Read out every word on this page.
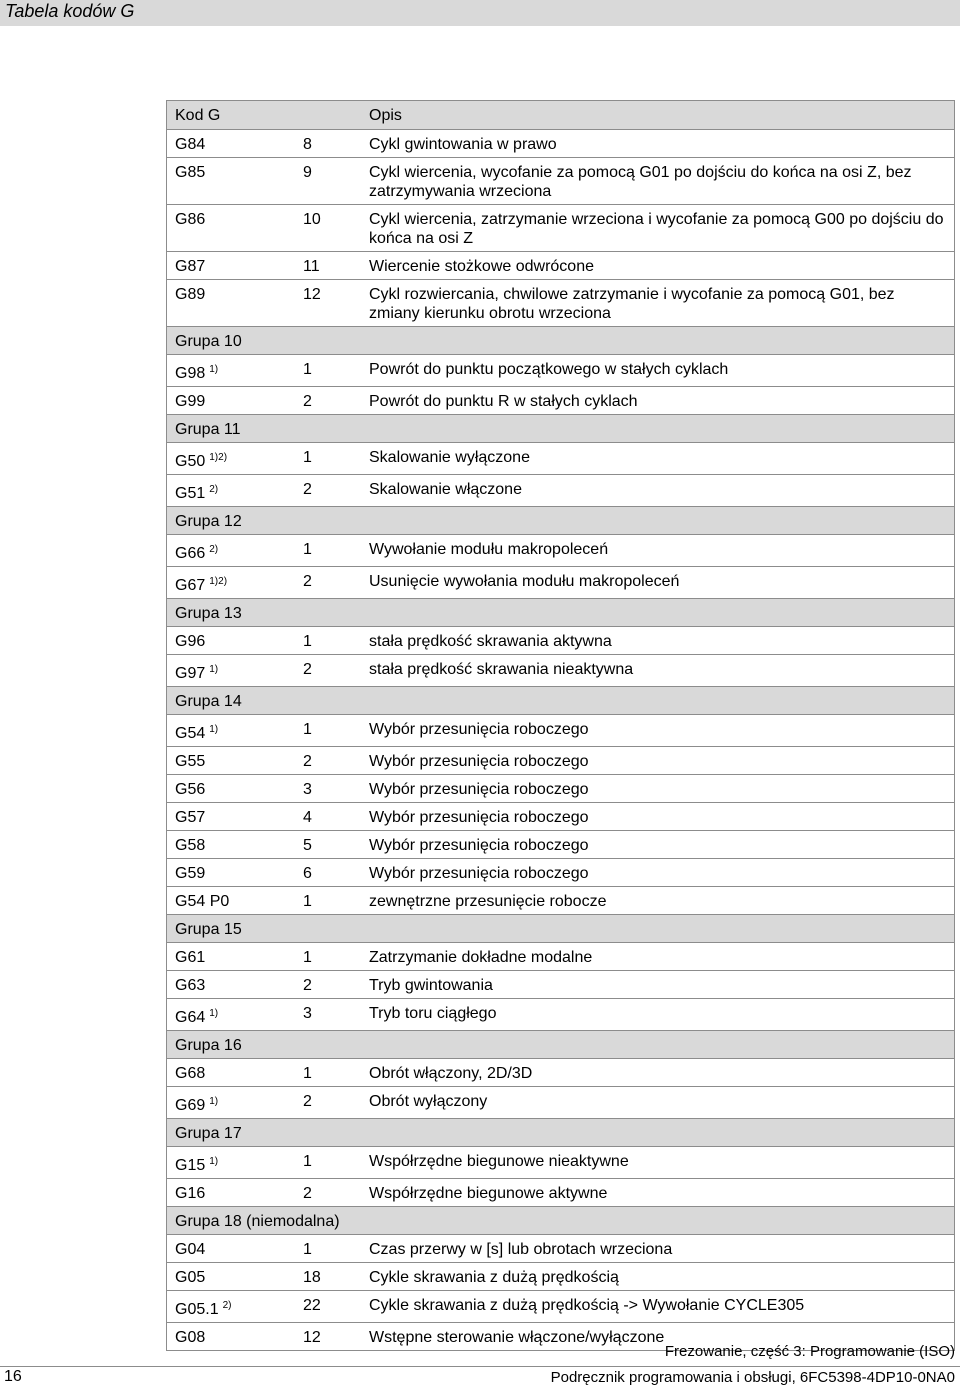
Tabela kodów G
Kod G		Opis
G84	8	Cykl gwintowania w prawo
G85	9	Cykl wiercenia, wycofanie za pomocą G01 po dojściu do końca na osi Z, bez zatrzymywania wrzeciona
G86	10	Cykl wiercenia, zatrzymanie wrzeciona i wycofanie za pomocą G00 po dojściu do końca na osi Z
G87	11	Wiercenie stożkowe odwrócone
G89	12	Cykl rozwiercania, chwilowe zatrzymanie i wycofanie za pomocą G01, bez zmiany kierunku obrotu wrzeciona
Grupa 10		
G98 $^{1)}$	1	Powrót do punktu początkowego w stałych cyklach
G99	2	Powrót do punktu R w stałych cyklach
Grupa 11		
G50 $^{1)2)}$	1	Skalowanie wyłączone
G51 $^{2)}$	2	Skalowanie włączone
Grupa 12		
G66 $^{2)}$	1	Wywołanie modułu makropoleceń
G67 $^{1)2)}$	2	Usunięcie wywołania modułu makropoleceń
Grupa 13		
G96	1	stała prędkość skrawania aktywna
G97 $^{1)}$	2	stała prędkość skrawania nieaktywna
Grupa 14		
G54 $^{1)}$	1	Wybór przesunięcia roboczego
G55	2	Wybór przesunięcia roboczego
G56	3	Wybór przesunięcia roboczego
G57	4	Wybór przesunięcia roboczego
G58	5	Wybór przesunięcia roboczego
G59	6	Wybór przesunięcia roboczego
G54 P0	1	zewnętrzne przesunięcie robocze
Grupa 15		
G61	1	Zatrzymanie dokładne modalne
G63	2	Tryb gwintowania
G64 $^{1)}$	3	Tryb toru ciągłego
Grupa 16		
G68	1	Obrót włączony, 2D/3D
G69 $^{1)}$	2	Obrót wyłączony
Grupa 17		
G15 $^{1)}$	1	Współrzędne biegunowe nieaktywne
G16	2	Współrzędne biegunowe aktywne
Grupa 18 (niemodalna)		
G04	1	Czas przerwy w [s] lub obrotach wrzeciona
G05	18	Cykle skrawania z dużą prędkością
G05.1 $^{2)}$	22	Cykle skrawania z dużą prędkością -> Wywołanie CYCLE305
G08	12	Wstępne sterowanie włączone/wyłączone
Frezowanie, część 3: Programowanie (ISO)
16	Podręcznik programowania i obsługi, 6FC5398-4DP10-0NA0
